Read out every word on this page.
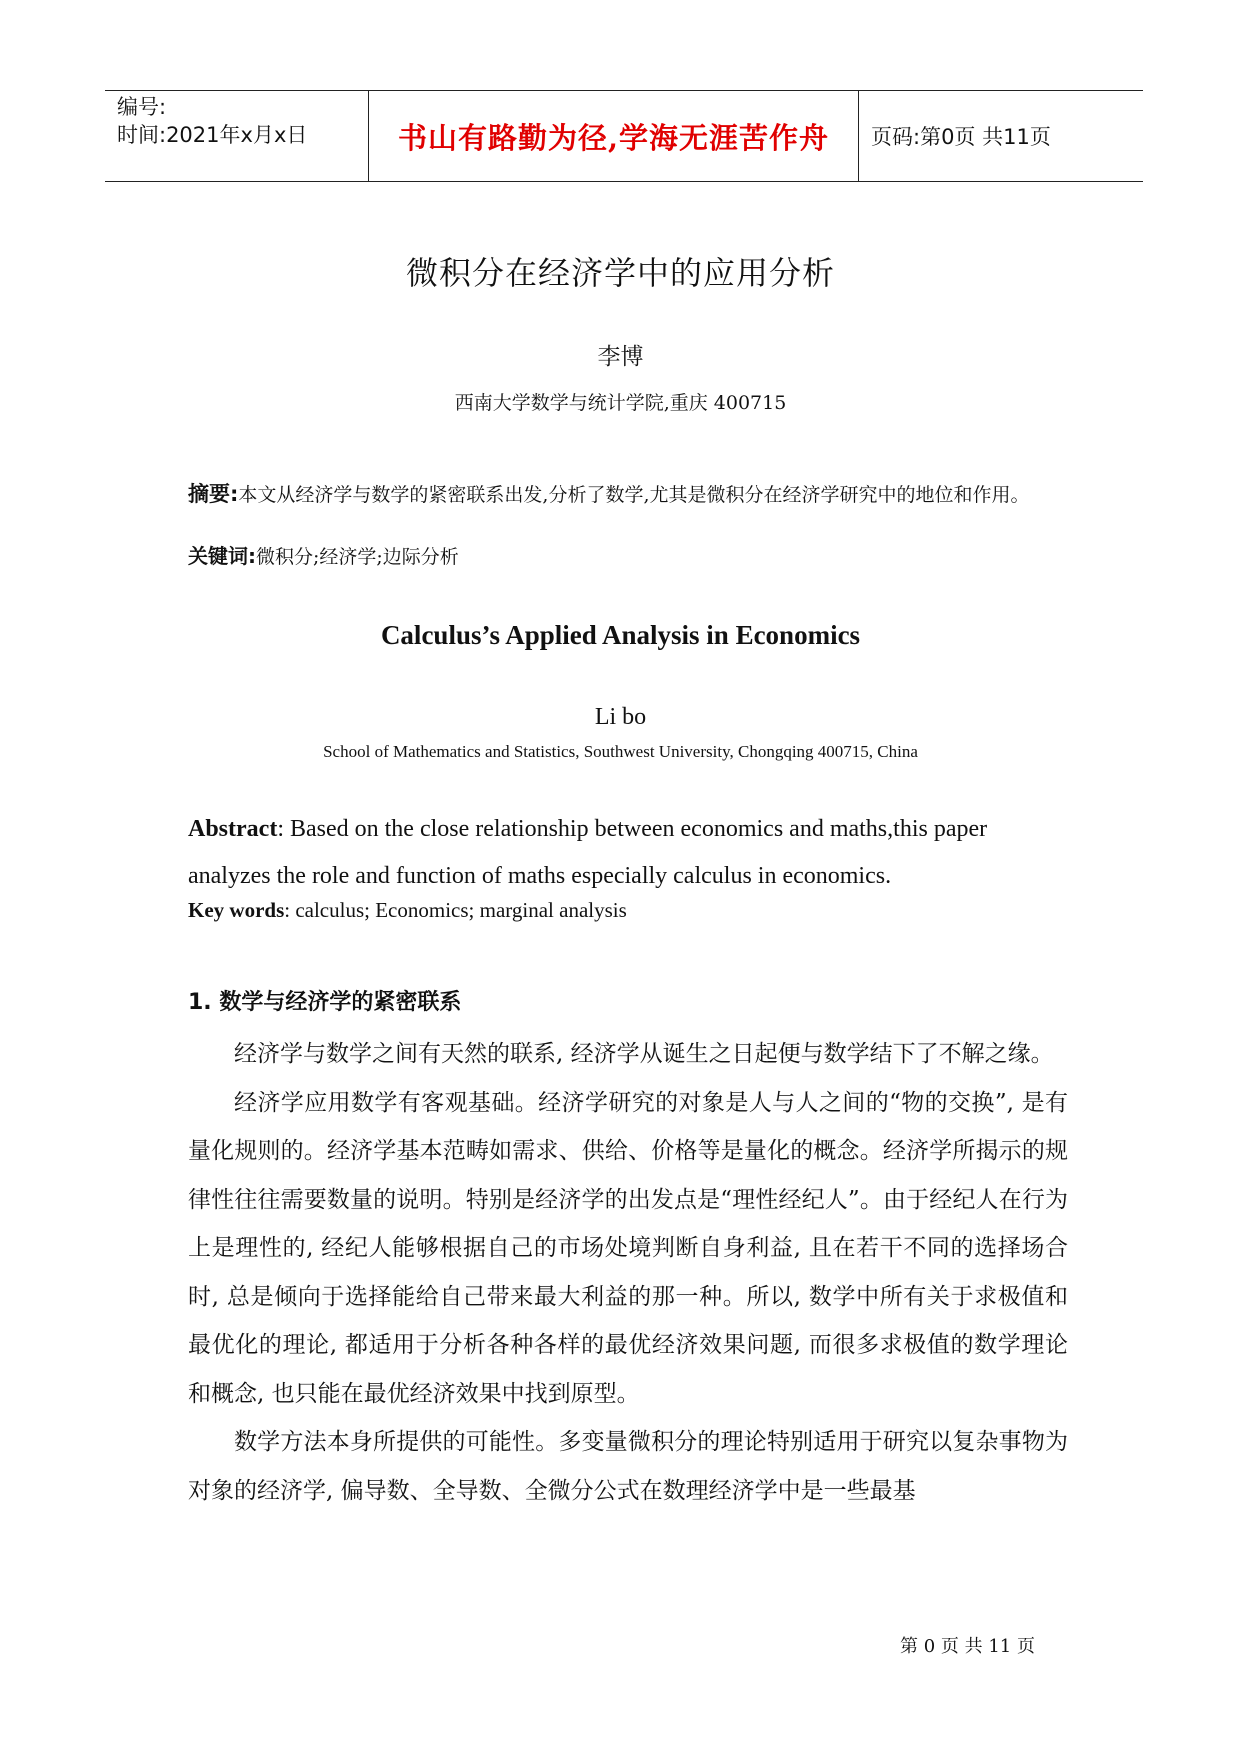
编号:
时间:2021年x月x日	书山有路勤为径,学海无涯苦作舟	页码:第0页 共11页
微积分在经济学中的应用分析
李博
西南大学数学与统计学院,重庆 400715
摘要:本文从经济学与数学的紧密联系出发,分析了数学,尤其是微积分在经济学研究中的地位和作用。
关键词:微积分;经济学;边际分析
Calculus’s Applied Analysis in Economics
Li bo
School of Mathematics and Statistics, Southwest University, Chongqing 400715, China
Abstract: Based on the close relationship between economics and maths,this paper analyzes the role and function of maths especially calculus in economics.
Key words: calculus; Economics; marginal analysis
1. 数学与经济学的紧密联系

经济学与数学之间有天然的联系, 经济学从诞生之日起便与数学结下了不解之缘。

经济学应用数学有客观基础。经济学研究的对象是人与人之间的“物的交换”, 是有量化规则的。经济学基本范畴如需求、供给、价格等是量化的概念。经济学所揭示的规律性往往需要数量的说明。特别是经济学的出发点是“理性经纪人”。由于经纪人在行为上是理性的, 经纪人能够根据自己的市场处境判断自身利益, 且在若干不同的选择场合时, 总是倾向于选择能给自己带来最大利益的那一种。所以, 数学中所有关于求极值和最优化的理论, 都适用于分析各种各样的最优经济效果问题, 而很多求极值的数学理论和概念, 也只能在最优经济效果中找到原型。

数学方法本身所提供的可能性。多变量微积分的理论特别适用于研究以复杂事物为对象的经济学, 偏导数、全导数、全微分公式在数理经济学中是一些最基

第 0 页 共 11 页
